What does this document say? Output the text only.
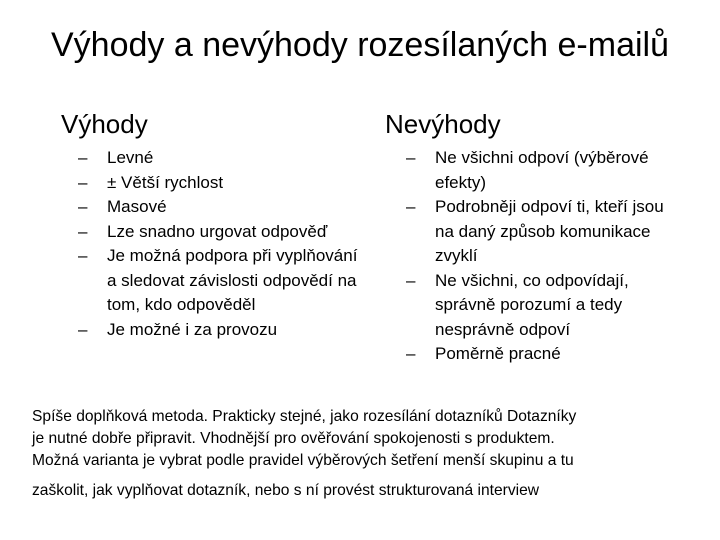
Výhody a nevýhody rozesílaných e-mailů
Výhody	Nevýhody
– Levné
– ± Větší rychlost
– Masové
– Lze snadno urgovat odpověď
– Je možná podpora při vyplňování a sledovat závislosti odpovědí na tom, kdo odpověděl
– Je možné i za provozu
– Ne všichni odpoví (výběrové efekty)
– Podrobněji odpoví ti, kteří jsou na daný způsob komunikace zvyklí
– Ne všichni, co odpovídají, správně porozumí a tedy nesprávně odpoví
– Poměrně pracné
Spíše doplňková metoda. Prakticky stejné, jako rozesílání dotazníků Dotazníky
je nutné dobře připravit. Vhodnější pro ověřování spokojenosti s produktem.
Možná varianta je vybrat podle pravidel výběrových šetření menší skupinu a tu
zaškolit, jak vyplňovat dotazník, nebo s ní provést strukturovaná interview
